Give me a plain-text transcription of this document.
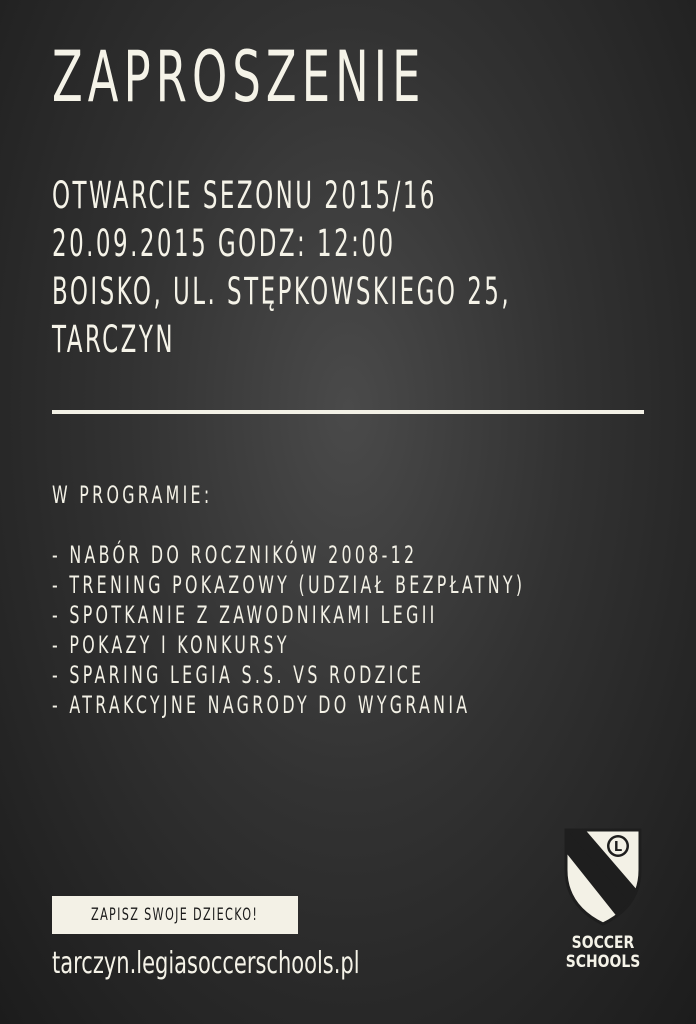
ZAPROSZENIE
OTWARCIE SEZONU 2015/16
20.09.2015 GODZ: 12:00
BOISKO, UL. STĘPKOWSKIEGO 25,
TARCZYN
W PROGRAMIE:
- NABÓR DO ROCZNIKÓW 2008-12
- TRENING POKAZOWY (UDZIAŁ BEZPŁATNY)
- SPOTKANIE Z ZAWODNIKAMI LEGII
- POKAZY I KONKURSY
- SPARING LEGIA S.S. VS RODZICE
- ATRAKCYJNE NAGRODY DO WYGRANIA
ZAPISZ SWOJE DZIECKO!
tarczyn.legiasoccerschools.pl
L
SOCCER
SCHOOLS
